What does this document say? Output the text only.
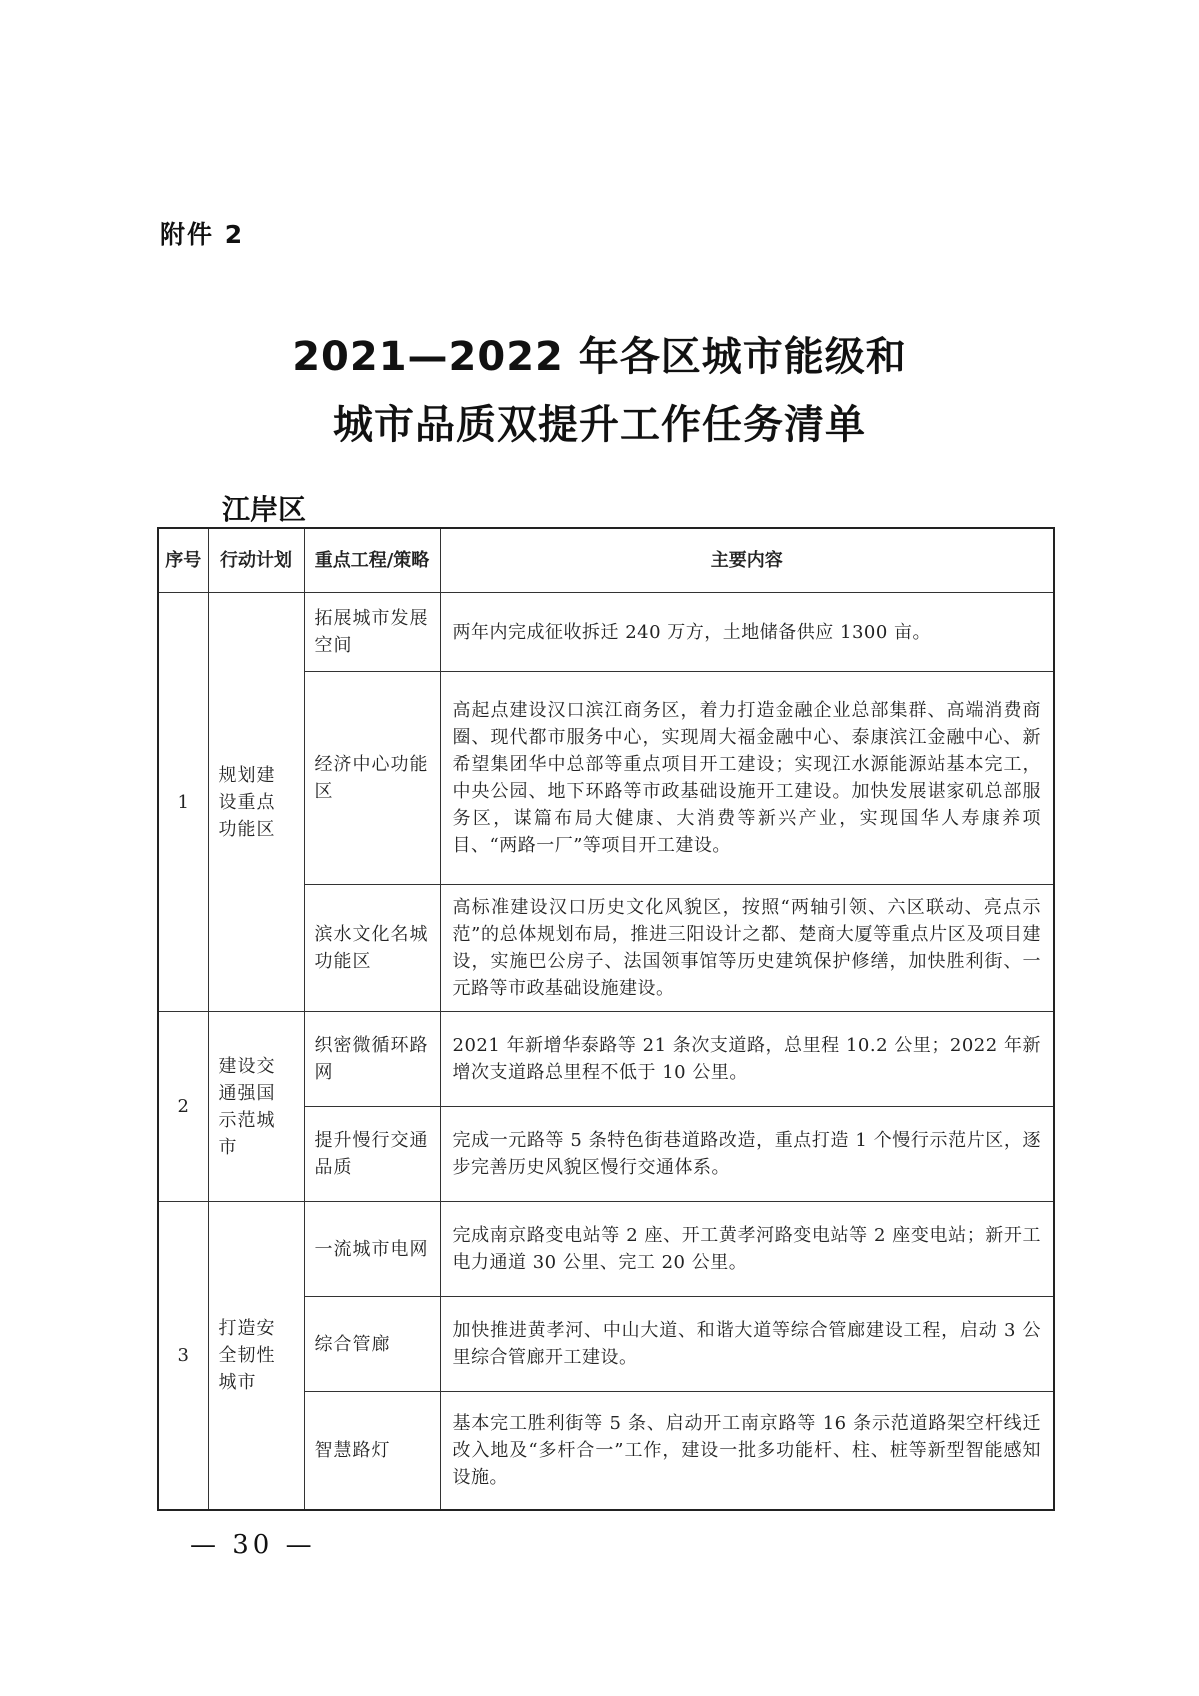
附件 2
2021—2022 年各区城市能级和
城市品质双提升工作任务清单
江岸区
序号	行动计划	重点工程/策略	主要内容
1	规划建设重点功能区	拓展城市发展空间	两年内完成征收拆迁 240 万方，土地储备供应 1300 亩。
		经济中心功能区	高起点建设汉口滨江商务区，着力打造金融企业总部集群、高端消费商圈、现代都市服务中心，实现周大福金融中心、泰康滨江金融中心、新希望集团华中总部等重点项目开工建设；实现江水源能源站基本完工，中央公园、地下环路等市政基础设施开工建设。加快发展谌家矶总部服务区，谋篇布局大健康、大消费等新兴产业，实现国华人寿康养项目、“两路一厂”等项目开工建设。
		滨水文化名城功能区	高标准建设汉口历史文化风貌区，按照“两轴引领、六区联动、亮点示范”的总体规划布局，推进三阳设计之都、楚商大厦等重点片区及项目建设，实施巴公房子、法国领事馆等历史建筑保护修缮，加快胜利街、一元路等市政基础设施建设。
2	建设交通强国示范城市	织密微循环路网	2021 年新增华泰路等 21 条次支道路，总里程 10.2 公里；2022 年新增次支道路总里程不低于 10 公里。
		提升慢行交通品质	完成一元路等 5 条特色街巷道路改造，重点打造 1 个慢行示范片区，逐步完善历史风貌区慢行交通体系。
3	打造安全韧性城市	一流城市电网	完成南京路变电站等 2 座、开工黄孝河路变电站等 2 座变电站；新开工电力通道 30 公里、完工 20 公里。
		综合管廊	加快推进黄孝河、中山大道、和谐大道等综合管廊建设工程，启动 3 公里综合管廊开工建设。
		智慧路灯	基本完工胜利街等 5 条、启动开工南京路等 16 条示范道路架空杆线迁改入地及“多杆合一”工作，建设一批多功能杆、柱、桩等新型智能感知设施。
— 30 —
